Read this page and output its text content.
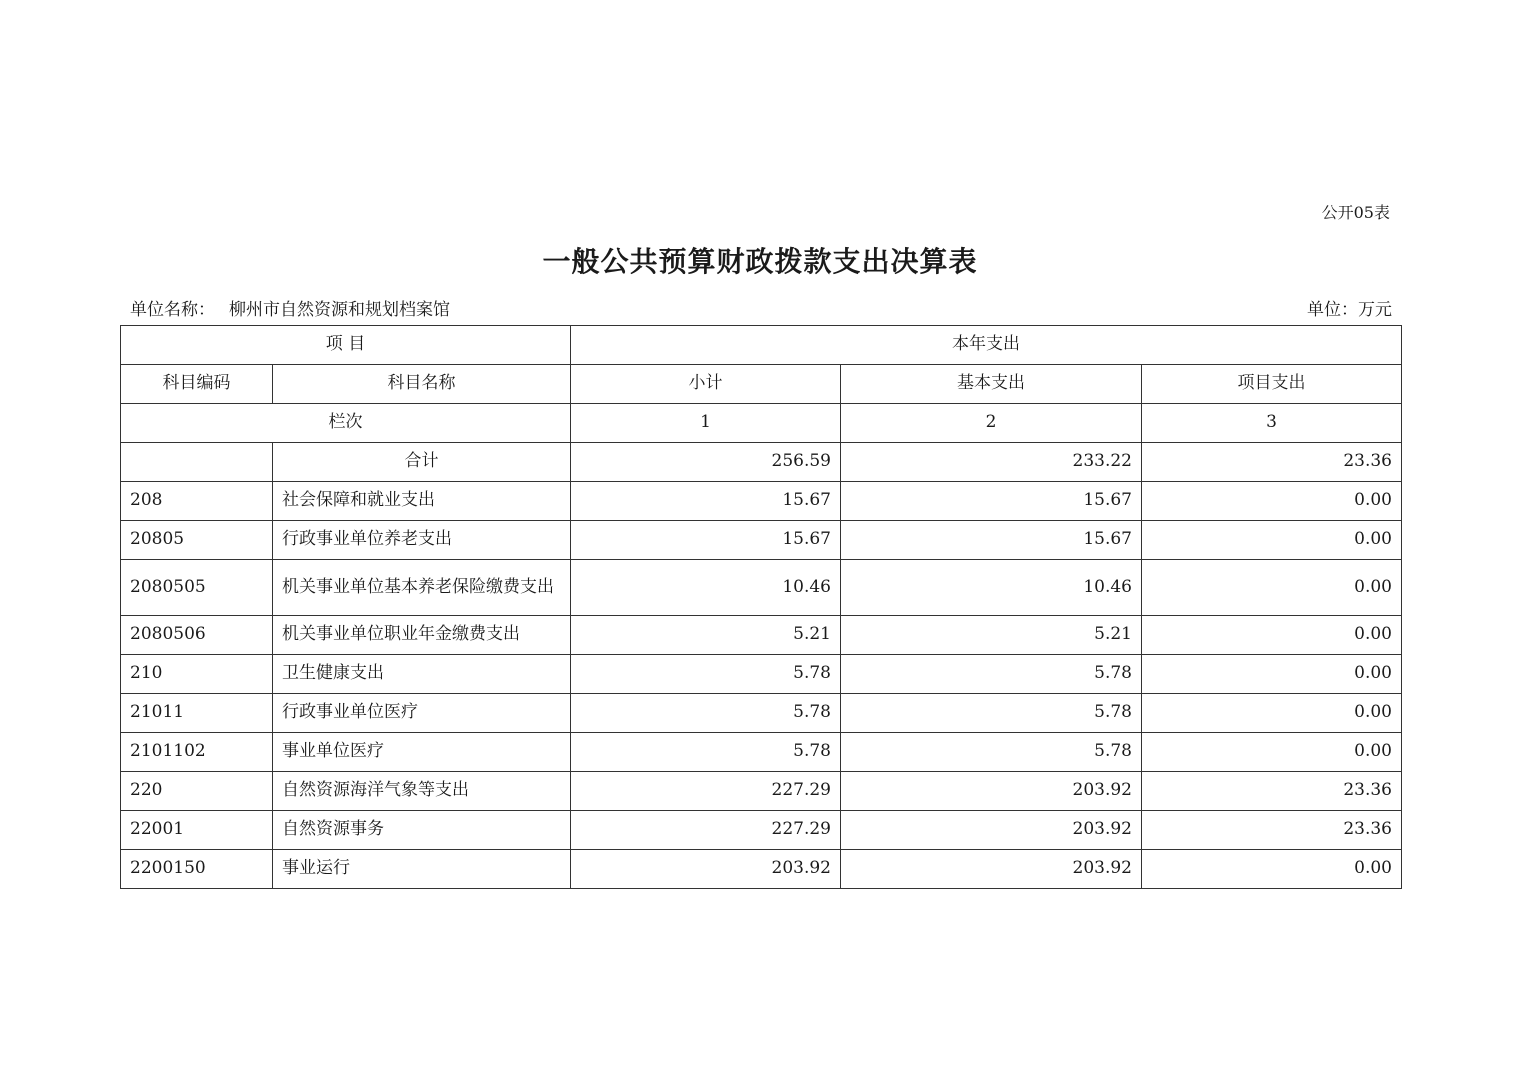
公开05表
一般公共预算财政拨款支出决算表
单位名称： 柳州市自然资源和规划档案馆	单位：万元
项 目		本年支出		
科目编码	科目名称	小计	基本支出	项目支出
栏次		1	2	3
	合计	256.59	233.22	23.36
208	社会保障和就业支出	15.67	15.67	0.00
20805	行政事业单位养老支出	15.67	15.67	0.00
2080505	机关事业单位基本养老保险缴费支出	10.46	10.46	0.00
2080506	机关事业单位职业年金缴费支出	5.21	5.21	0.00
210	卫生健康支出	5.78	5.78	0.00
21011	行政事业单位医疗	5.78	5.78	0.00
2101102	事业单位医疗	5.78	5.78	0.00
220	自然资源海洋气象等支出	227.29	203.92	23.36
22001	自然资源事务	227.29	203.92	23.36
2200150	事业运行	203.92	203.92	0.00
